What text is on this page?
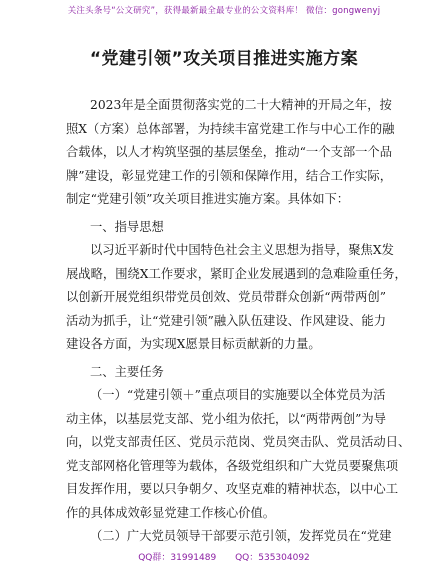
关注头条号“公文研究”，获得最新最全最专业的公文资料库！ 微信：gongwenyj
“党建引领”攻关项目推进实施方案
2023年是全面贯彻落实党的二十大精神的开局之年，按
照X（方案）总体部署，为持续丰富党建工作与中心工作的融
合载体，以人才构筑坚强的基层堡垒，推动“一个支部一个品
牌”建设，彰显党建工作的引领和保障作用，结合工作实际，
制定“党建引领”攻关项目推进实施方案。具体如下：
一、指导思想
以习近平新时代中国特色社会主义思想为指导，聚焦X发
展战略，围绕X工作要求，紧盯企业发展遇到的急难险重任务，
以创新开展党组织带党员创效、党员带群众创新“两带两创”
活动为抓手，让“党建引领”融入队伍建设、作风建设、能力
建设各方面，为实现X愿景目标贡献新的力量。
二、主要任务
（一）“党建引领＋”重点项目的实施要以全体党员为活
动主体，以基层党支部、党小组为依托，以“两带两创”为导
向，以党支部责任区、党员示范岗、党员突击队、党员活动日、
党支部网格化管理等为载体，各级党组织和广大党员要聚焦项
目发挥作用，要以只争朝夕、攻坚克难的精神状态，以中心工
作的具体成效彰显党建工作核心价值。
（二）广大党员领导干部要示范引领，发挥党员在“党建
QQ群：31991489 QQ：535304092
